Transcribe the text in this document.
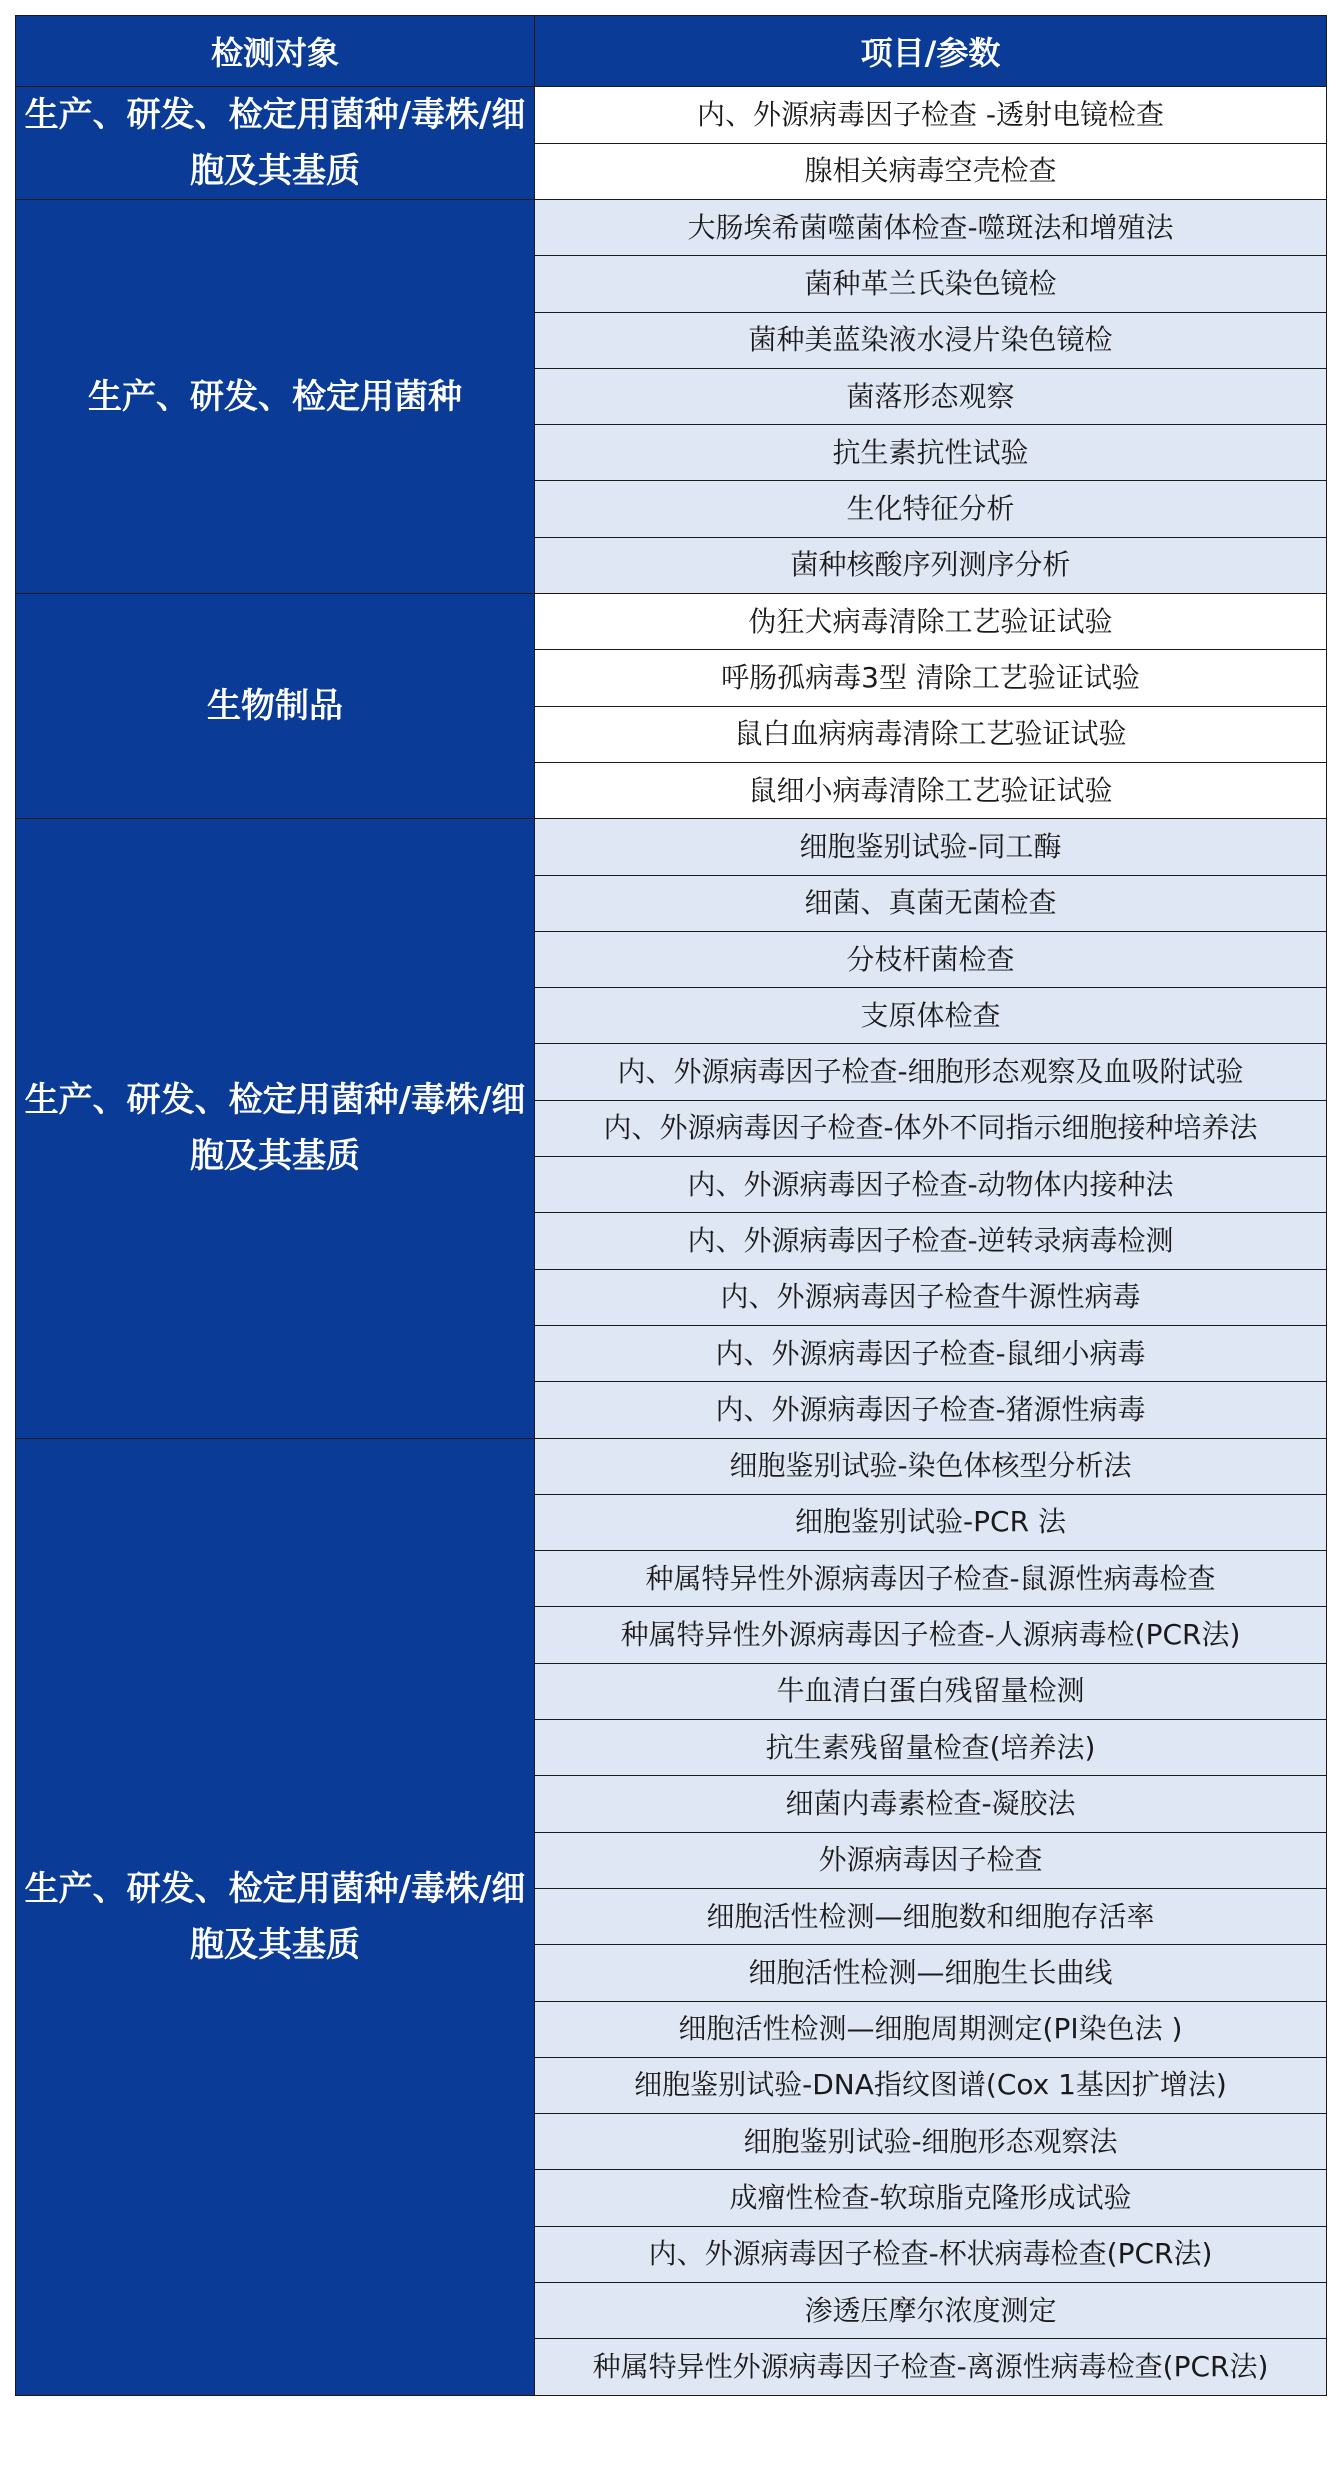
检测对象	项目/参数
生产、研发、检定用菌种/毒株/细胞及其基质	内、外源病毒因子检查 -透射电镜检查
	腺相关病毒空壳检查
生产、研发、检定用菌种	大肠埃希菌噬菌体检查-噬斑法和增殖法
	菌种革兰氏染色镜检
	菌种美蓝染液水浸片染色镜检
	菌落形态观察
	抗生素抗性试验
	生化特征分析
	菌种核酸序列测序分析
生物制品	伪狂犬病毒清除工艺验证试验
	呼肠孤病毒3型 清除工艺验证试验
	鼠白血病病毒清除工艺验证试验
	鼠细小病毒清除工艺验证试验
生产、研发、检定用菌种/毒株/细胞及其基质	细胞鉴别试验-同工酶
	细菌、真菌无菌检查
	分枝杆菌检查
	支原体检查
	内、外源病毒因子检查-细胞形态观察及血吸附试验
	内、外源病毒因子检查-体外不同指示细胞接种培养法
	内、外源病毒因子检查-动物体内接种法
	内、外源病毒因子检查-逆转录病毒检测
	内、外源病毒因子检查牛源性病毒
	内、外源病毒因子检查-鼠细小病毒
	内、外源病毒因子检查-猪源性病毒
生产、研发、检定用菌种/毒株/细胞及其基质	细胞鉴别试验-染色体核型分析法
	细胞鉴别试验-PCR 法
	种属特异性外源病毒因子检查-鼠源性病毒检查
	种属特异性外源病毒因子检查-人源病毒检(PCR法)
	牛血清白蛋白残留量检测
	抗生素残留量检查(培养法)
	细菌内毒素检查-凝胶法
	外源病毒因子检查
	细胞活性检测—细胞数和细胞存活率
	细胞活性检测—细胞生长曲线
	细胞活性检测—细胞周期测定(PI染色法 )
	细胞鉴别试验-DNA指纹图谱(Cox 1基因扩增法)
	细胞鉴别试验-细胞形态观察法
	成瘤性检查-软琼脂克隆形成试验
	内、外源病毒因子检查-杯状病毒检查(PCR法)
	渗透压摩尔浓度测定
	种属特异性外源病毒因子检查-离源性病毒检查(PCR法)
